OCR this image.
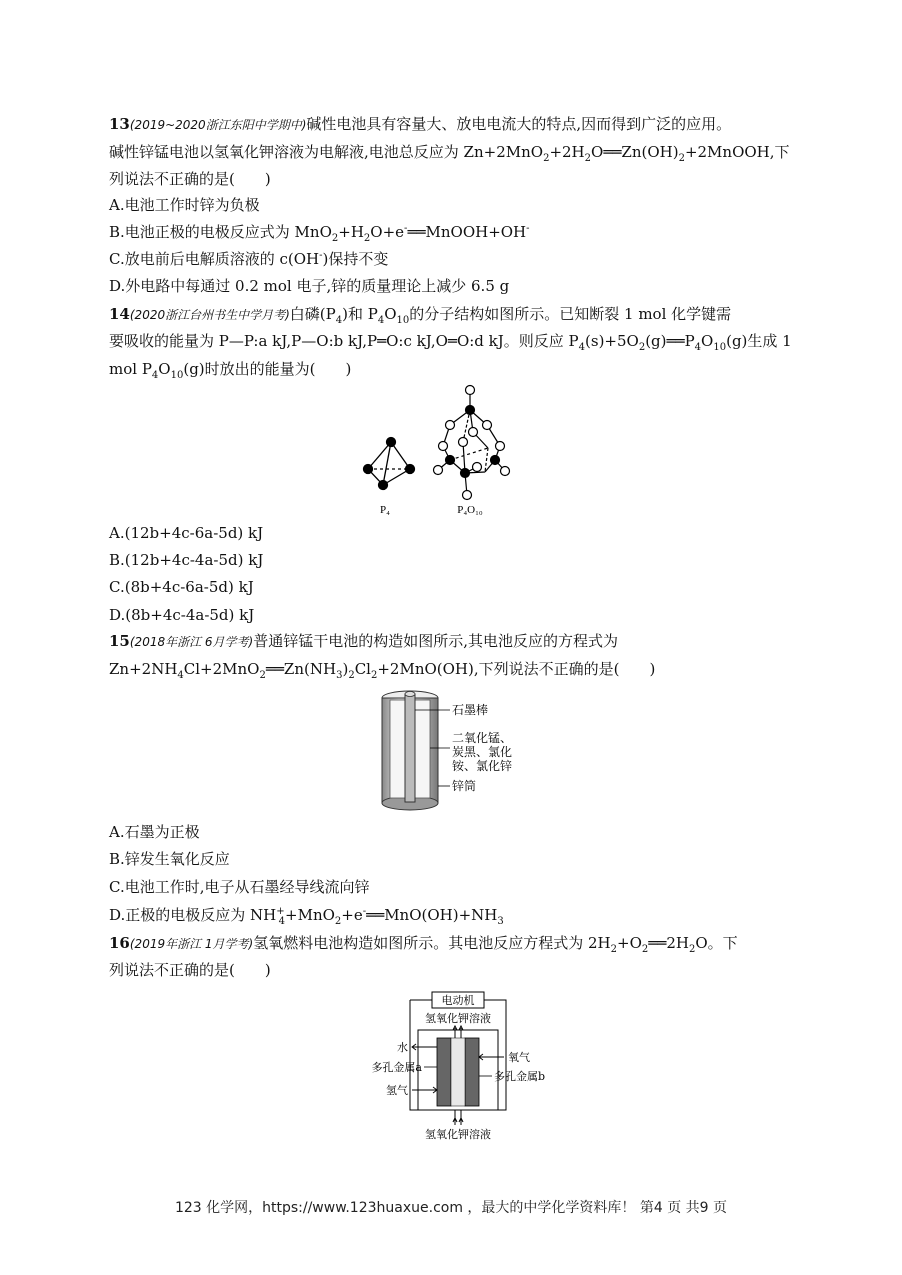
13(2019~2020浙江东阳中学期中)碱性电池具有容量大、放电电流大的特点,因而得到广泛的应用。
碱性锌锰电池以氢氧化钾溶液为电解液,电池总反应为 $Zn+2MnO_2+2H_2O══Zn(OH)_2+2MnOOH$,下
列说法不正确的是(　　)
A.电池工作时锌为负极
B.电池正极的电极反应式为 $MnO_2+H_2O+e^-══MnOOH+OH^-$
C.放电前后电解质溶液的 c(OH-)保持不变
D.外电路中每通过 0.2 mol 电子,锌的质量理论上减少 6.5 g
14(2020浙江台州书生中学月考)白磷$(P_4)$和 $P_4O_{10}$的分子结构如图所示。已知断裂 1 mol 化学键需
要吸收的能量为 P—P:a kJ,P—O:b kJ,P═O:c kJ,O═O:d kJ。则反应 $P_4(s)+5O_2(g)══P_4O_{10}(g)$生成 1
mol $P_4O_{10}(g)$时放出的能量为(　　)
P₄	P₄O₁₀
A.(12b+4c-6a-5d) kJ
B.(12b+4c-4a-5d) kJ
C.(8b+4c-6a-5d) kJ
D.(8b+4c-4a-5d) kJ
15(2018年浙江 6月学考)普通锌锰干电池的构造如图所示,其电池反应的方程式为
$Zn+2NH_4Cl+2MnO_2══Zn(NH_3)_2Cl_2+2MnO(OH)$,下列说法不正确的是(　　)
石墨棒
二氧化锰、
炭黑、氯化
铵、氯化锌
锌筒
A.石墨为正极
B.锌发生氧化反应
C.电池工作时,电子从石墨经导线流向锌
D.正极的电极反应为 $NH^+_4+MnO_2+e^-══MnO(OH)+NH_3$
16(2019年浙江 1月学考)氢氧燃料电池构造如图所示。其电池反应方程式为 $2H_2+O_2══2H_2O$。下
列说法不正确的是(　　)
电动机
氢氧化钾溶液
水
多孔金属a
氢气
氧气
多孔金属b
氢氧化钾溶液
123 化学网，https://www.123huaxue.com ，最大的中学化学资料库！ 第4 页 共9 页
